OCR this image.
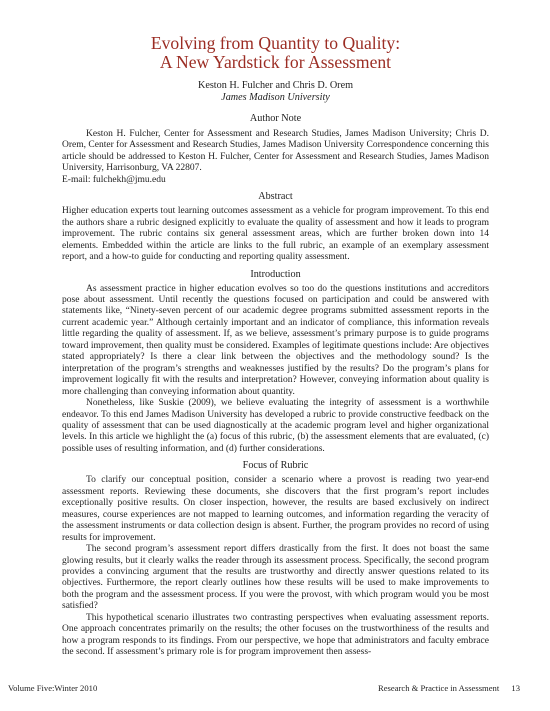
Evolving from Quantity to Quality:
A New Yardstick for Assessment
Keston H. Fulcher and Chris D. Orem
James Madison University
Author Note

Keston H. Fulcher, Center for Assessment and Research Studies, James Madison University; Chris D. Orem, Center for Assessment and Research Studies, James Madison University Correspondence concerning this article should be addressed to Keston H. Fulcher, Center for Assessment and Research Studies, James Madison University, Harrisonburg, VA 22807.

E-mail: fulchekh@jmu.edu

Abstract

Higher education experts tout learning outcomes assessment as a vehicle for program improvement. To this end the authors share a rubric designed explicitly to evaluate the quality of assessment and how it leads to program improvement. The rubric contains six general assessment areas, which are further broken down into 14 elements. Embedded within the article are links to the full rubric, an example of an exemplary assessment report, and a how-to guide for conducting and reporting quality assessment.

Introduction

As assessment practice in higher education evolves so too do the questions institutions and accreditors pose about assessment. Until recently the questions focused on participation and could be answered with statements like, “Ninety-seven percent of our academic degree programs submitted assessment reports in the current academic year.” Although certainly important and an indicator of compliance, this information reveals little regarding the quality of assessment. If, as we believe, assessment’s primary purpose is to guide programs toward improvement, then quality must be considered. Examples of legitimate questions include: Are objectives stated appropriately? Is there a clear link between the objectives and the methodology sound? Is the interpretation of the program’s strengths and weaknesses justified by the results? Do the program’s plans for improvement logically fit with the results and interpretation? However, conveying information about quality is more challenging than conveying information about quantity.

Nonetheless, like Suskie (2009), we believe evaluating the integrity of assessment is a worthwhile endeavor. To this end James Madison University has developed a rubric to provide constructive feedback on the quality of assessment that can be used diagnostically at the academic program level and higher organizational levels. In this article we highlight the (a) focus of this rubric, (b) the assessment elements that are evaluated, (c) possible uses of resulting information, and (d) further considerations.

Focus of Rubric

To clarify our conceptual position, consider a scenario where a provost is reading two year-end assessment reports. Reviewing these documents, she discovers that the first program’s report includes exceptionally positive results. On closer inspection, however, the results are based exclusively on indirect measures, course experiences are not mapped to learning outcomes, and information regarding the veracity of the assessment instruments or data collection design is absent. Further, the program provides no record of using results for improvement.

The second program’s assessment report differs drastically from the first. It does not boast the same glowing results, but it clearly walks the reader through its assessment process. Specifically, the second program provides a convincing argument that the results are trustworthy and directly answer questions related to its objectives. Furthermore, the report clearly outlines how these results will be used to make improvements to both the program and the assessment process. If you were the provost, with which program would you be most satisfied?

This hypothetical scenario illustrates two contrasting perspectives when evaluating assessment reports. One approach concentrates primarily on the results; the other focuses on the trustworthiness of the results and how a program responds to its findings. From our perspective, we hope that administrators and faculty embrace the second. If assessment’s primary role is for program improvement then assess-

Volume Five:Winter 2010	Research & Practice in Assessment 13
